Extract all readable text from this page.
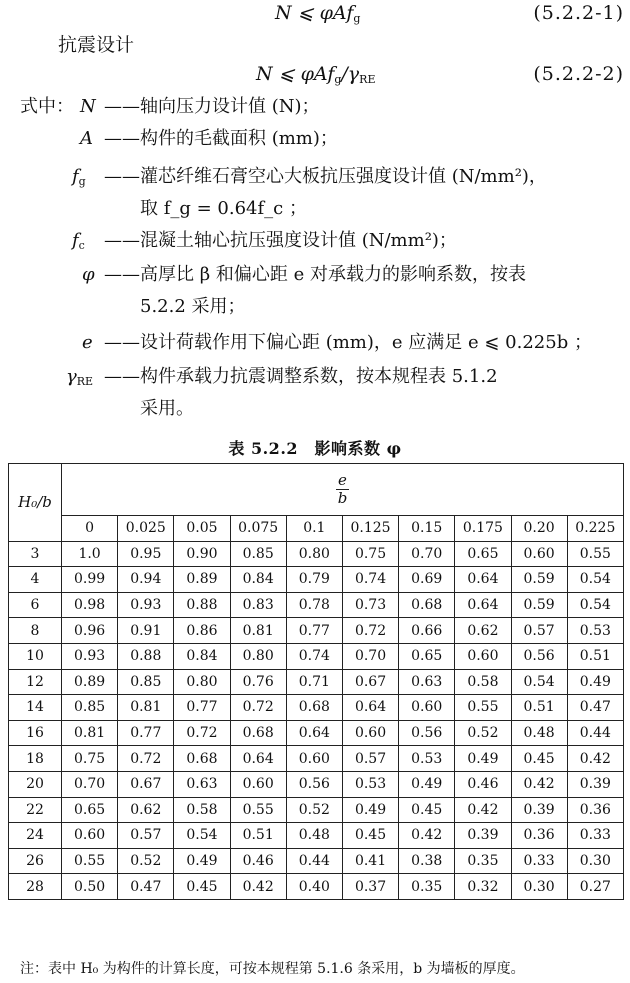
N ⩽ φAf$_g$	(5.2.2-1)
抗震设计
N ⩽ $\varphi Af_g/\gamma_{RE}$	(5.2.2-2)
式中： N ——轴向压力设计值 (N)；
A ——构件的毛截面积 (mm)；
$f_g$ ——灌芯纤维石膏空心大板抗压强度设计值 (N/mm²)，
取 f_g = 0.64f_c ；
$f_c$ ——混凝土轴心抗压强度设计值 (N/mm²)；
φ ——高厚比 β 和偏心距 e 对承载力的影响系数，按表
5.2.2 采用；
e ——设计荷载作用下偏心距 (mm)，e 应满足 e ⩽ 0.225b ；
$\gamma_{RE}$ ——构件承载力抗震调整系数，按本规程表 5.1.2
采用。
表 5.2.2　影响系数 φ
H₀/b	$\frac{e}{b}$

	0	0.025	0.05	0.075	0.1	0.125	0.15	0.175	0.20	0.225
3	1.0	0.95	0.90	0.85	0.80	0.75	0.70	0.65	0.60	0.55
4	0.99	0.94	0.89	0.84	0.79	0.74	0.69	0.64	0.59	0.54
6	0.98	0.93	0.88	0.83	0.78	0.73	0.68	0.64	0.59	0.54
8	0.96	0.91	0.86	0.81	0.77	0.72	0.66	0.62	0.57	0.53
10	0.93	0.88	0.84	0.80	0.74	0.70	0.65	0.60	0.56	0.51
12	0.89	0.85	0.80	0.76	0.71	0.67	0.63	0.58	0.54	0.49
14	0.85	0.81	0.77	0.72	0.68	0.64	0.60	0.55	0.51	0.47
16	0.81	0.77	0.72	0.68	0.64	0.60	0.56	0.52	0.48	0.44
18	0.75	0.72	0.68	0.64	0.60	0.57	0.53	0.49	0.45	0.42
20	0.70	0.67	0.63	0.60	0.56	0.53	0.49	0.46	0.42	0.39
22	0.65	0.62	0.58	0.55	0.52	0.49	0.45	0.42	0.39	0.36
24	0.60	0.57	0.54	0.51	0.48	0.45	0.42	0.39	0.36	0.33
26	0.55	0.52	0.49	0.46	0.44	0.41	0.38	0.35	0.33	0.30
28	0.50	0.47	0.45	0.42	0.40	0.37	0.35	0.32	0.30	0.27
注：表中 H₀ 为构件的计算长度，可按本规程第 5.1.6 条采用，b 为墙板的厚度。
